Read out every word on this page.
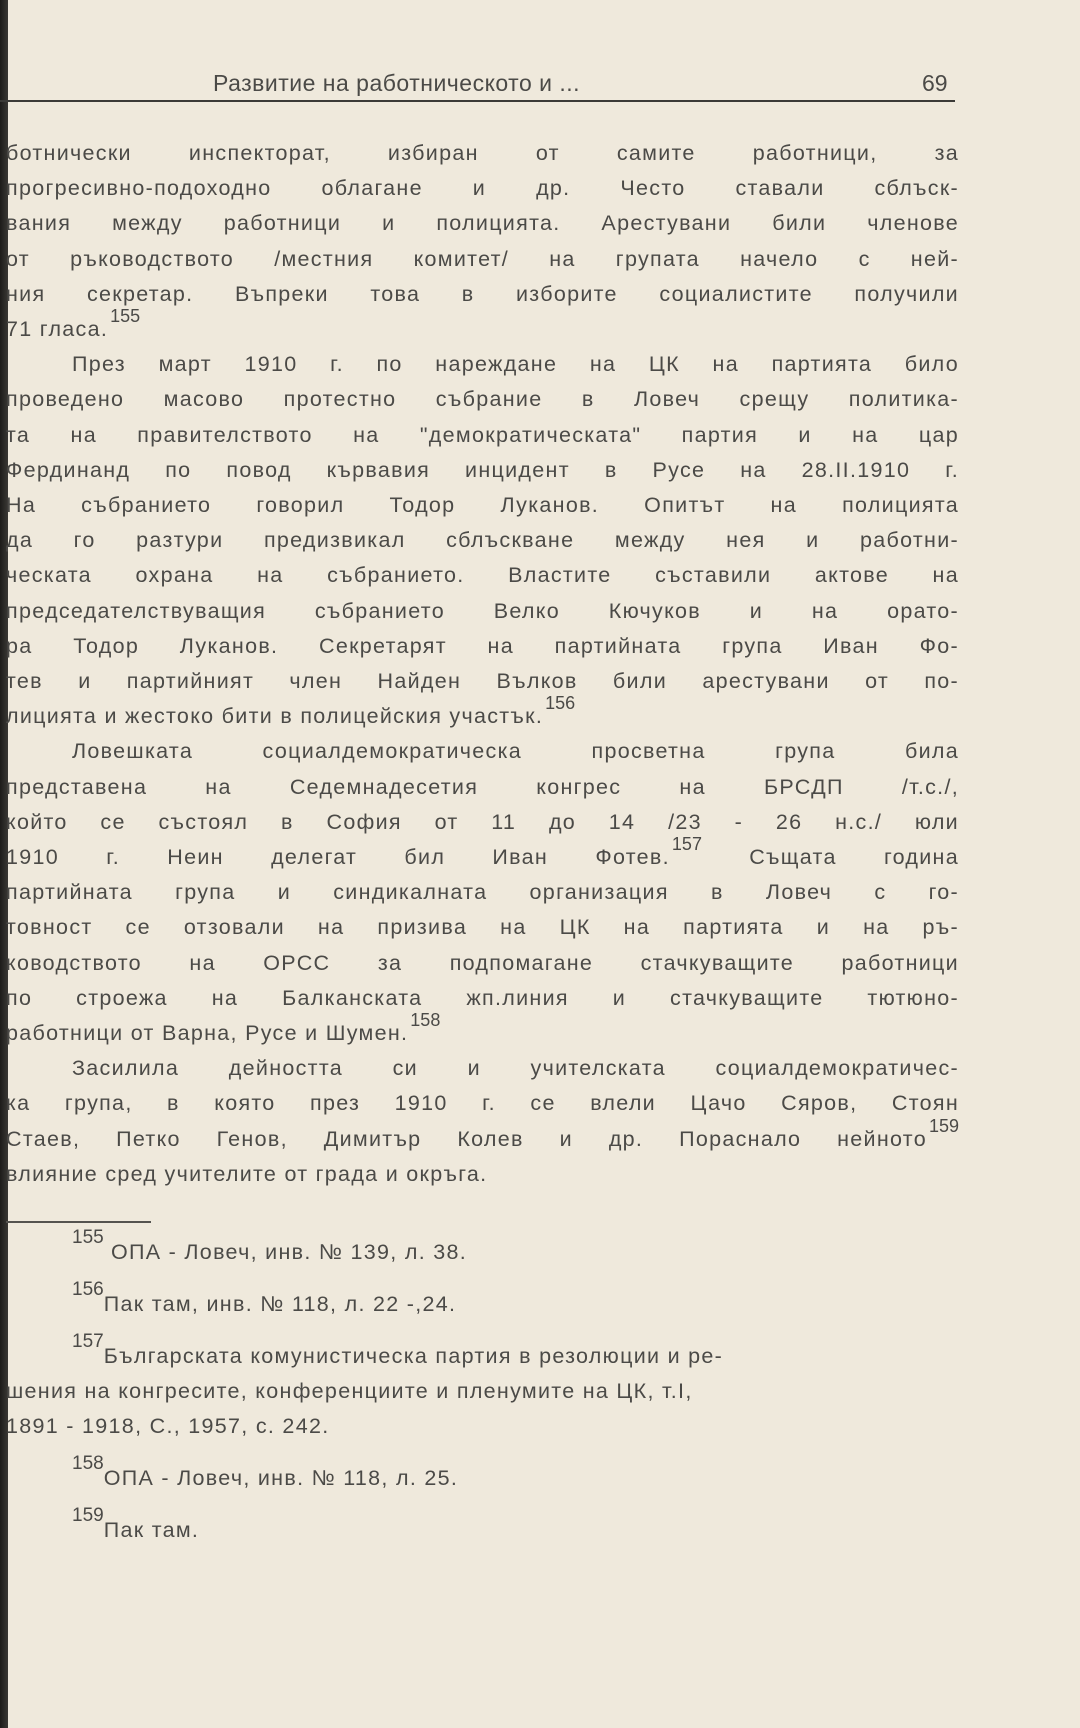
Развитие на работническото и ...	69
ботнически инспекторат, избиран от самите работници, за
прогресивно-подоходно облагане и др. Често ставали сблъск-
вания между работници и полицията. Арестувани били членове
от ръководството /местния комитет/ на групата начело с ней-
ния секретар. Въпреки това в изборите социалистите получили
71 гласа.$^{155}$
През март 1910 г. по нареждане на ЦК на партията било
проведено масово протестно събрание в Ловеч срещу политика-
та на правителството на "демократическата" партия и на цар
Фердинанд по повод кървавия инцидент в Русе на 28.II.1910 г.
На събранието говорил Тодор Луканов. Опитът на полицията
да го разтури предизвикал сблъскване между нея и работни-
ческата охрана на събранието. Властите съставили актове на
председателствуващия събранието Велко Кючуков и на орато-
ра Тодор Луканов. Секретарят на партийната група Иван Фо-
тев и партийният член Найден Вълков били арестувани от по-
лицията и жестоко бити в полицейския участък.$^{156}$
Ловешката социалдемократическа просветна група била
представена на Седемнадесетия конгрес на БРСДП /т.с./,
който се състоял в София от 11 до 14 /23 - 26 н.с./ юли
1910 г. Неин делегат бил Иван Фотев.$^{157}$ Същата година
партийната група и синдикалната организация в Ловеч с го-
товност се отзовали на призива на ЦК на партията и на ръ-
ководството на ОРСС за подпомагане стачкуващите работници
по строежа на Балканската жп.линия и стачкуващите тютюно-
работници от Варна, Русе и Шумен.$^{158}$
Засилила дейността си и учителската социалдемократичес-
ка група, в която през 1910 г. се влели Цачо Сяров, Стоян
Стаев, Петко Генов, Димитър Колев и др. Порасналo нейното$^{159}$
влияние сред учителите от града и окръга.
155 ОПА - Ловеч, инв. № 139, л. 38.
156Пак там, инв. № 118, л. 22 -,24.
157Българската комунистическа партия в резолюции и ре-
шения на конгресите, конференциите и пленумите на ЦК, т.I,
1891 - 1918, С., 1957, с. 242.
158ОПА - Ловеч, инв. № 118, л. 25.
159Пак там.
